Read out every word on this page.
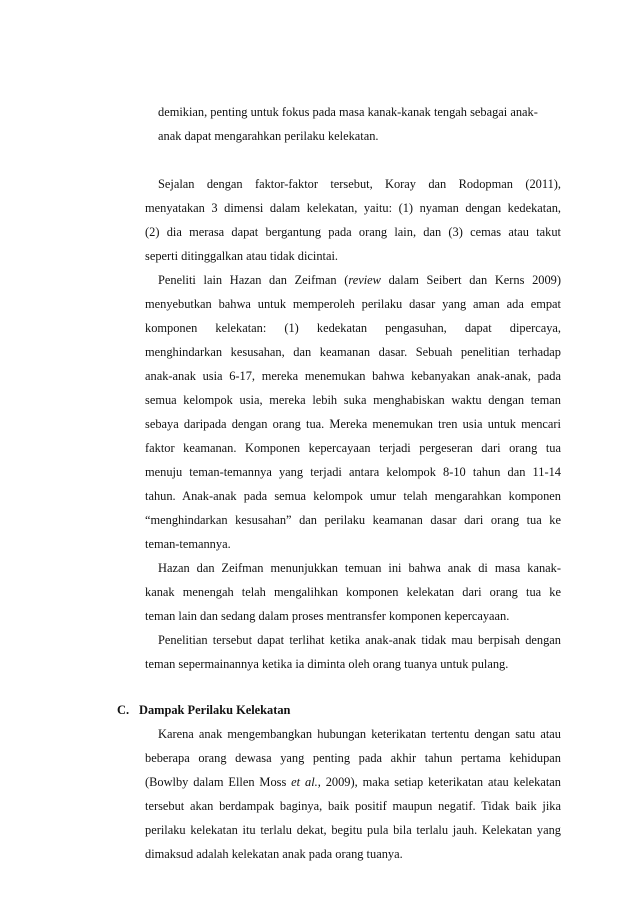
demikian, penting untuk fokus pada masa kanak-kanak tengah sebagai anak-
anak dapat mengarahkan perilaku kelekatan.
Sejalan dengan faktor-faktor tersebut, Koray dan Rodopman (2011),
menyatakan 3 dimensi dalam kelekatan, yaitu: (1) nyaman dengan kedekatan,
(2) dia merasa dapat bergantung pada orang lain, dan (3) cemas atau takut
seperti ditinggalkan atau tidak dicintai.
Peneliti lain Hazan dan Zeifman (review dalam Seibert dan Kerns 2009)
menyebutkan bahwa untuk memperoleh perilaku dasar yang aman ada empat
komponen kelekatan: (1) kedekatan pengasuhan, dapat dipercaya,
menghindarkan kesusahan, dan keamanan dasar. Sebuah penelitian terhadap
anak-anak usia 6-17, mereka menemukan bahwa kebanyakan anak-anak, pada
semua kelompok usia, mereka lebih suka menghabiskan waktu dengan teman
sebaya daripada dengan orang tua. Mereka menemukan tren usia untuk mencari
faktor keamanan. Komponen kepercayaan terjadi pergeseran dari orang tua
menuju teman-temannya yang terjadi antara kelompok 8-10 tahun dan 11-14
tahun. Anak-anak pada semua kelompok umur telah mengarahkan komponen
“menghindarkan kesusahan” dan perilaku keamanan dasar dari orang tua ke
teman-temannya.
Hazan dan Zeifman menunjukkan temuan ini bahwa anak di masa kanak-
kanak menengah telah mengalihkan komponen kelekatan dari orang tua ke
teman lain dan sedang dalam proses mentransfer komponen kepercayaan.
Penelitian tersebut dapat terlihat ketika anak-anak tidak mau berpisah dengan
teman sepermainannya ketika ia diminta oleh orang tuanya untuk pulang.
C. Dampak Perilaku Kelekatan
Karena anak mengembangkan hubungan keterikatan tertentu dengan satu atau
beberapa orang dewasa yang penting pada akhir tahun pertama kehidupan
(Bowlby dalam Ellen Moss et al., 2009), maka setiap keterikatan atau kelekatan
tersebut akan berdampak baginya, baik positif maupun negatif. Tidak baik jika
perilaku kelekatan itu terlalu dekat, begitu pula bila terlalu jauh. Kelekatan yang
dimaksud adalah kelekatan anak pada orang tuanya.
